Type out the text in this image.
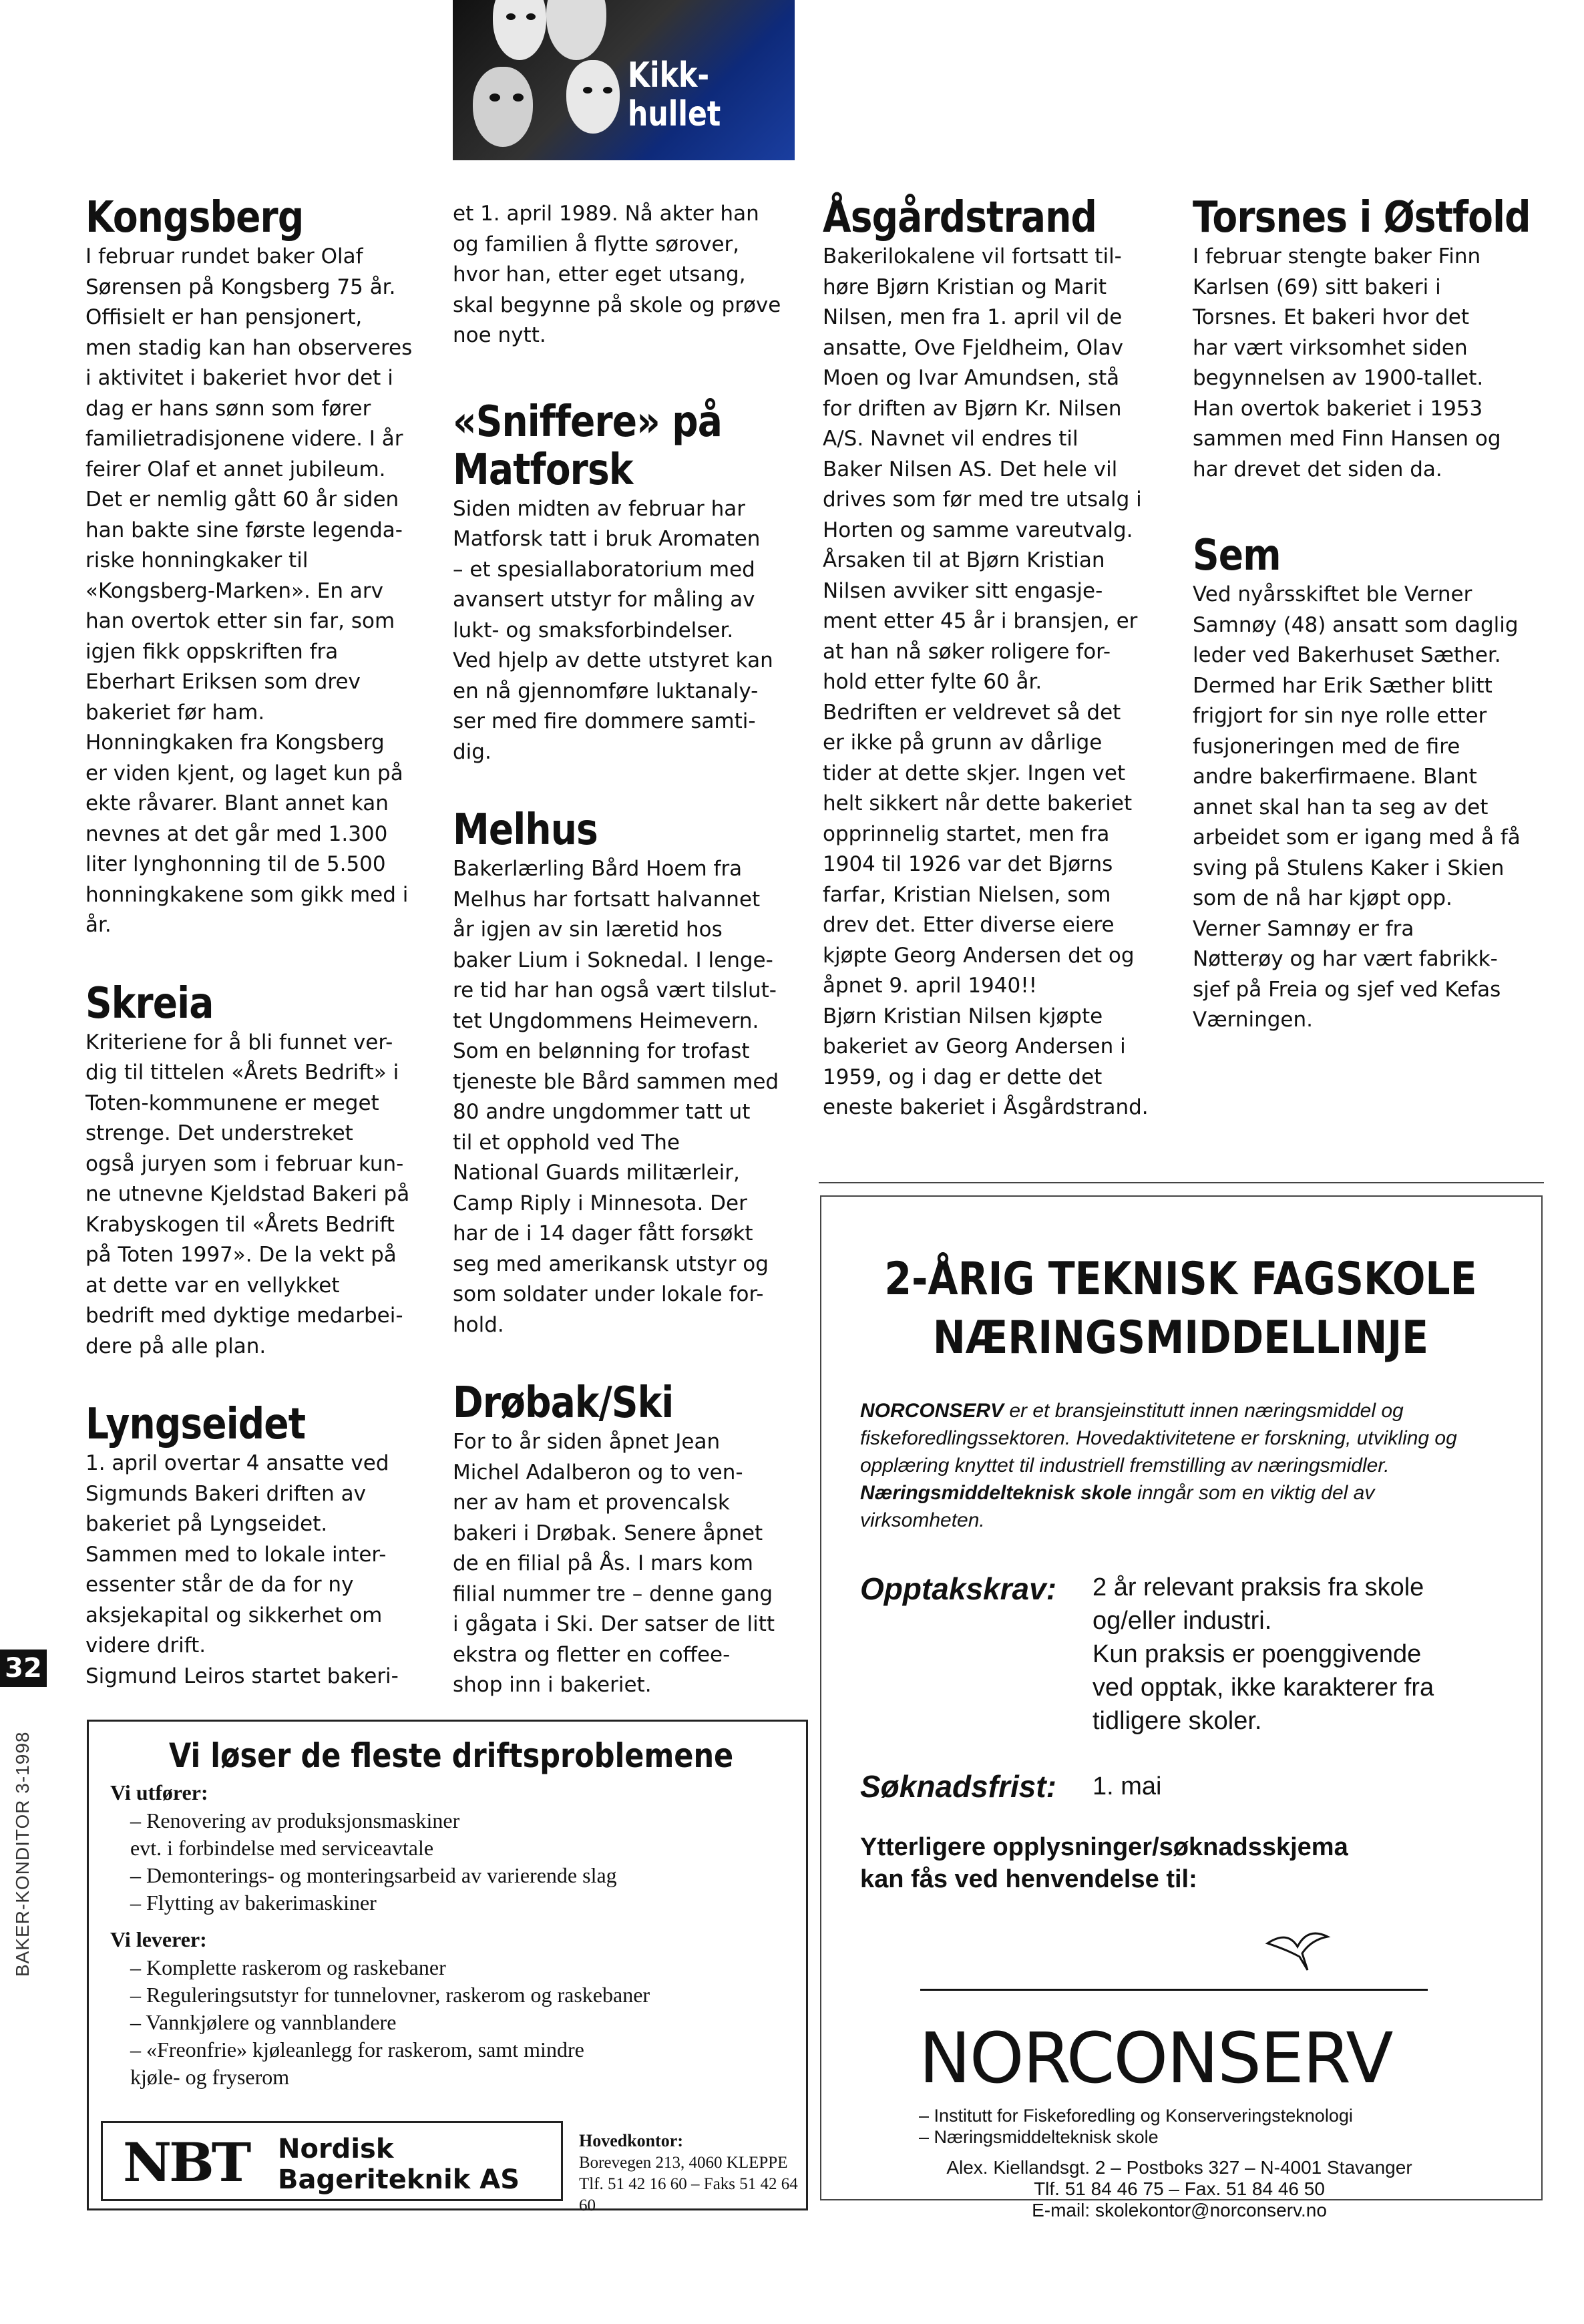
Kikk-
hullet
Kongsberg

I februar rundet baker Olaf
Sørensen på Kongsberg 75 år.
Offisielt er han pensjonert,
men stadig kan han observeres
i aktivitet i bakeriet hvor det i
dag er hans sønn som fører
familietradisjonene videre. I år
feirer Olaf et annet jubileum.
Det er nemlig gått 60 år siden
han bakte sine første legenda-
riske honningkaker til
«Kongsberg-Marken». En arv
han overtok etter sin far, som
igjen fikk oppskriften fra
Eberhart Eriksen som drev
bakeriet før ham.
Honningkaken fra Kongsberg
er viden kjent, og laget kun på
ekte råvarer. Blant annet kan
nevnes at det går med 1.300
liter lynghonning til de 5.500
honningkakene som gikk med i
år.

Skreia

Kriteriene for å bli funnet ver-
dig til tittelen «Årets Bedrift» i
Toten-kommunene er meget
strenge. Det understreket
også juryen som i februar kun-
ne utnevne Kjeldstad Bakeri på
Krabyskogen til «Årets Bedrift
på Toten 1997». De la vekt på
at dette var en vellykket
bedrift med dyktige medarbei-
dere på alle plan.

Lyngseidet

1. april overtar 4 ansatte ved
Sigmunds Bakeri driften av
bakeriet på Lyngseidet.
Sammen med to lokale inter-
essenter står de da for ny
aksjekapital og sikkerhet om
videre drift.
Sigmund Leiros startet bakeri-

et 1. april 1989. Nå akter han
og familien å flytte sørover,
hvor han, etter eget utsang,
skal begynne på skole og prøve
noe nytt.

«Sniffere» på
Matforsk

Siden midten av februar har
Matforsk tatt i bruk Aromaten
– et spesiallaboratorium med
avansert utstyr for måling av
lukt- og smaksforbindelser.
Ved hjelp av dette utstyret kan
en nå gjennomføre luktanaly-
ser med fire dommere samti-
dig.

Melhus

Bakerlærling Bård Hoem fra
Melhus har fortsatt halvannet
år igjen av sin læretid hos
baker Lium i Soknedal. I lenge-
re tid har han også vært tilslut-
tet Ungdommens Heimevern.
Som en belønning for trofast
tjeneste ble Bård sammen med
80 andre ungdommer tatt ut
til et opphold ved The
National Guards militærleir,
Camp Riply i Minnesota. Der
har de i 14 dager fått forsøkt
seg med amerikansk utstyr og
som soldater under lokale for-
hold.

Drøbak/Ski

For to år siden åpnet Jean
Michel Adalberon og to ven-
ner av ham et provencalsk
bakeri i Drøbak. Senere åpnet
de en filial på Ås. I mars kom
filial nummer tre – denne gang
i gågata i Ski. Der satser de litt
ekstra og fletter en coffee-
shop inn i bakeriet.

Åsgårdstrand

Bakerilokalene vil fortsatt til-
høre Bjørn Kristian og Marit
Nilsen, men fra 1. april vil de
ansatte, Ove Fjeldheim, Olav
Moen og Ivar Amundsen, stå
for driften av Bjørn Kr. Nilsen
A/S. Navnet vil endres til
Baker Nilsen AS. Det hele vil
drives som før med tre utsalg i
Horten og samme vareutvalg.
Årsaken til at Bjørn Kristian
Nilsen avviker sitt engasje-
ment etter 45 år i bransjen, er
at han nå søker roligere for-
hold etter fylte 60 år.
Bedriften er veldrevet så det
er ikke på grunn av dårlige
tider at dette skjer. Ingen vet
helt sikkert når dette bakeriet
opprinnelig startet, men fra
1904 til 1926 var det Bjørns
farfar, Kristian Nielsen, som
drev det. Etter diverse eiere
kjøpte Georg Andersen det og
åpnet 9. april 1940!!
Bjørn Kristian Nilsen kjøpte
bakeriet av Georg Andersen i
1959, og i dag er dette det
eneste bakeriet i Åsgårdstrand.

Torsnes i Østfold

I februar stengte baker Finn
Karlsen (69) sitt bakeri i
Torsnes. Et bakeri hvor det
har vært virksomhet siden
begynnelsen av 1900-tallet.
Han overtok bakeriet i 1953
sammen med Finn Hansen og
har drevet det siden da.

Sem

Ved nyårsskiftet ble Verner
Samnøy (48) ansatt som daglig
leder ved Bakerhuset Sæther.
Dermed har Erik Sæther blitt
frigjort for sin nye rolle etter
fusjoneringen med de fire
andre bakerfirmaene. Blant
annet skal han ta seg av det
arbeidet som er igang med å få
sving på Stulens Kaker i Skien
som de nå har kjøpt opp.
Verner Samnøy er fra
Nøtterøy og har vært fabrikk-
sjef på Freia og sjef ved Kefas
Værningen.

32
BAKER-KONDITOR 3-1998	Vi løser de fleste driftsproblemene
Vi utfører:
– Renovering av produksjonsmaskiner
evt. i forbindelse med serviceavtale
– Demonterings- og monteringsarbeid av varierende slag
– Flytting av bakerimaskiner
Vi leverer:
– Komplette raskerom og raskebaner
– Reguleringsutstyr for tunnelovner, raskerom og raskebaner
– Vannkjølere og vannblandere
– «Freonfrie» kjøleanlegg for raskerom, samt mindre
kjøle- og fryserom
NBT Nordisk
Bageriteknik AS
Hovedkontor:
Borevegen 213, 4060 KLEPPE
Tlf. 51 42 16 60 – Faks 51 42 64 60
2-ÅRIG TEKNISK FAGSKOLE
NÆRINGSMIDDELLINJE
NORCONSERV er et bransjeinstitutt innen næringsmiddel og fiskeforedlingssektoren. Hovedaktivitetene er forskning, utvikling og opplæring knyttet til industriell fremstilling av næringsmidler. Næringsmiddelteknisk skole inngår som en viktig del av virksomheten.
Opptakskrav: 2 år relevant praksis fra skole
og/eller industri.
Kun praksis er poenggivende
ved opptak, ikke karakterer fra
tidligere skoler.
Søknadsfrist: 1. mai
Ytterligere opplysninger/søknadsskjema
kan fås ved henvendelse til:
NORCONSERV
– Institutt for Fiskeforedling og Konserveringsteknologi
– Næringsmiddelteknisk skole
Alex. Kiellandsgt. 2 – Postboks 327 – N-4001 Stavanger
Tlf. 51 84 46 75 – Fax. 51 84 46 50
E-mail: skolekontor@norconserv.no
